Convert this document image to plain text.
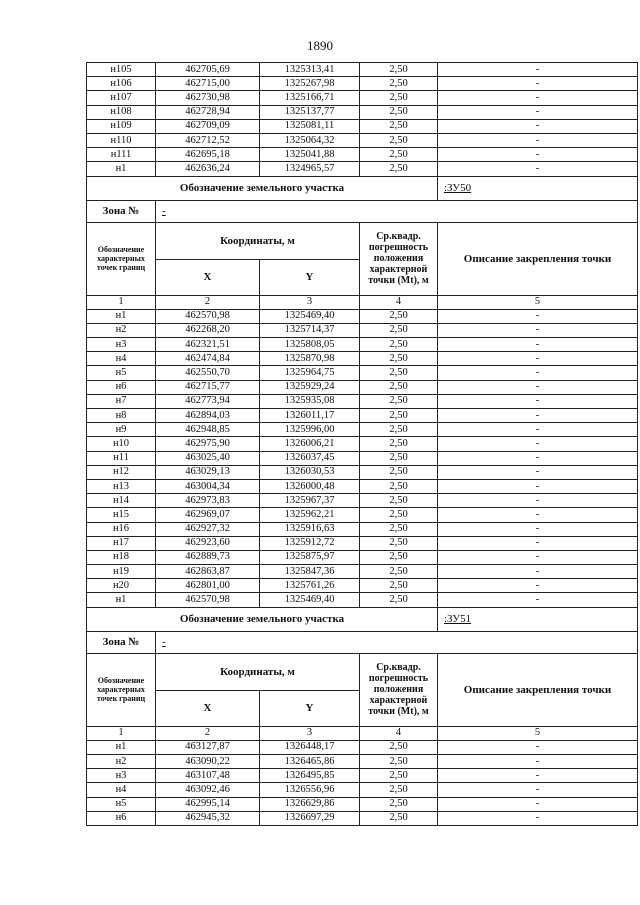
1890
н105	462705,69	1325313,41	2,50	-
н106	462715,00	1325267,98	2,50	-
н107	462730,98	1325166,71	2,50	-
н108	462728,94	1325137,77	2,50	-
н109	462709,09	1325081,11	2,50	-
н110	462712,52	1325064,32	2,50	-
н111	462695,18	1325041,88	2,50	-
н1	462636,24	1324965,57	2,50	-
Обозначение земельного участка				:ЗУ50
Зона №	-			
Обозначение характерных точек границ	Координаты, м		Ср.квадр. погрешность положения характерной точки (Mt), м	Описание закрепления точки
	X	Y		
1	2	3	4	5
н1	462570,98	1325469,40	2,50	-
н2	462268,20	1325714,37	2,50	-
н3	462321,51	1325808,05	2,50	-
н4	462474,84	1325870,98	2,50	-
н5	462550,70	1325964,75	2,50	-
н6	462715,77	1325929,24	2,50	-
н7	462773,94	1325935,08	2,50	-
н8	462894,03	1326011,17	2,50	-
н9	462948,85	1325996,00	2,50	-
н10	462975,90	1326006,21	2,50	-
н11	463025,40	1326037,45	2,50	-
н12	463029,13	1326030,53	2,50	-
н13	463004,34	1326000,48	2,50	-
н14	462973,83	1325967,37	2,50	-
н15	462969,07	1325962,21	2,50	-
н16	462927,32	1325916,63	2,50	-
н17	462923,60	1325912,72	2,50	-
н18	462889,73	1325875,97	2,50	-
н19	462863,87	1325847,36	2,50	-
н20	462801,00	1325761,26	2,50	-
н1	462570,98	1325469,40	2,50	-
Обозначение земельного участка				:ЗУ51
Зона №	-			
Обозначение характерных точек границ	Координаты, м		Ср.квадр. погрешность положения характерной точки (Mt), м	Описание закрепления точки
	X	Y		
1	2	3	4	5
н1	463127,87	1326448,17	2,50	-
н2	463090,22	1326465,86	2,50	-
н3	463107,48	1326495,85	2,50	-
н4	463092,46	1326556,96	2,50	-
н5	462995,14	1326629,86	2,50	-
н6	462945,32	1326697,29	2,50	-
